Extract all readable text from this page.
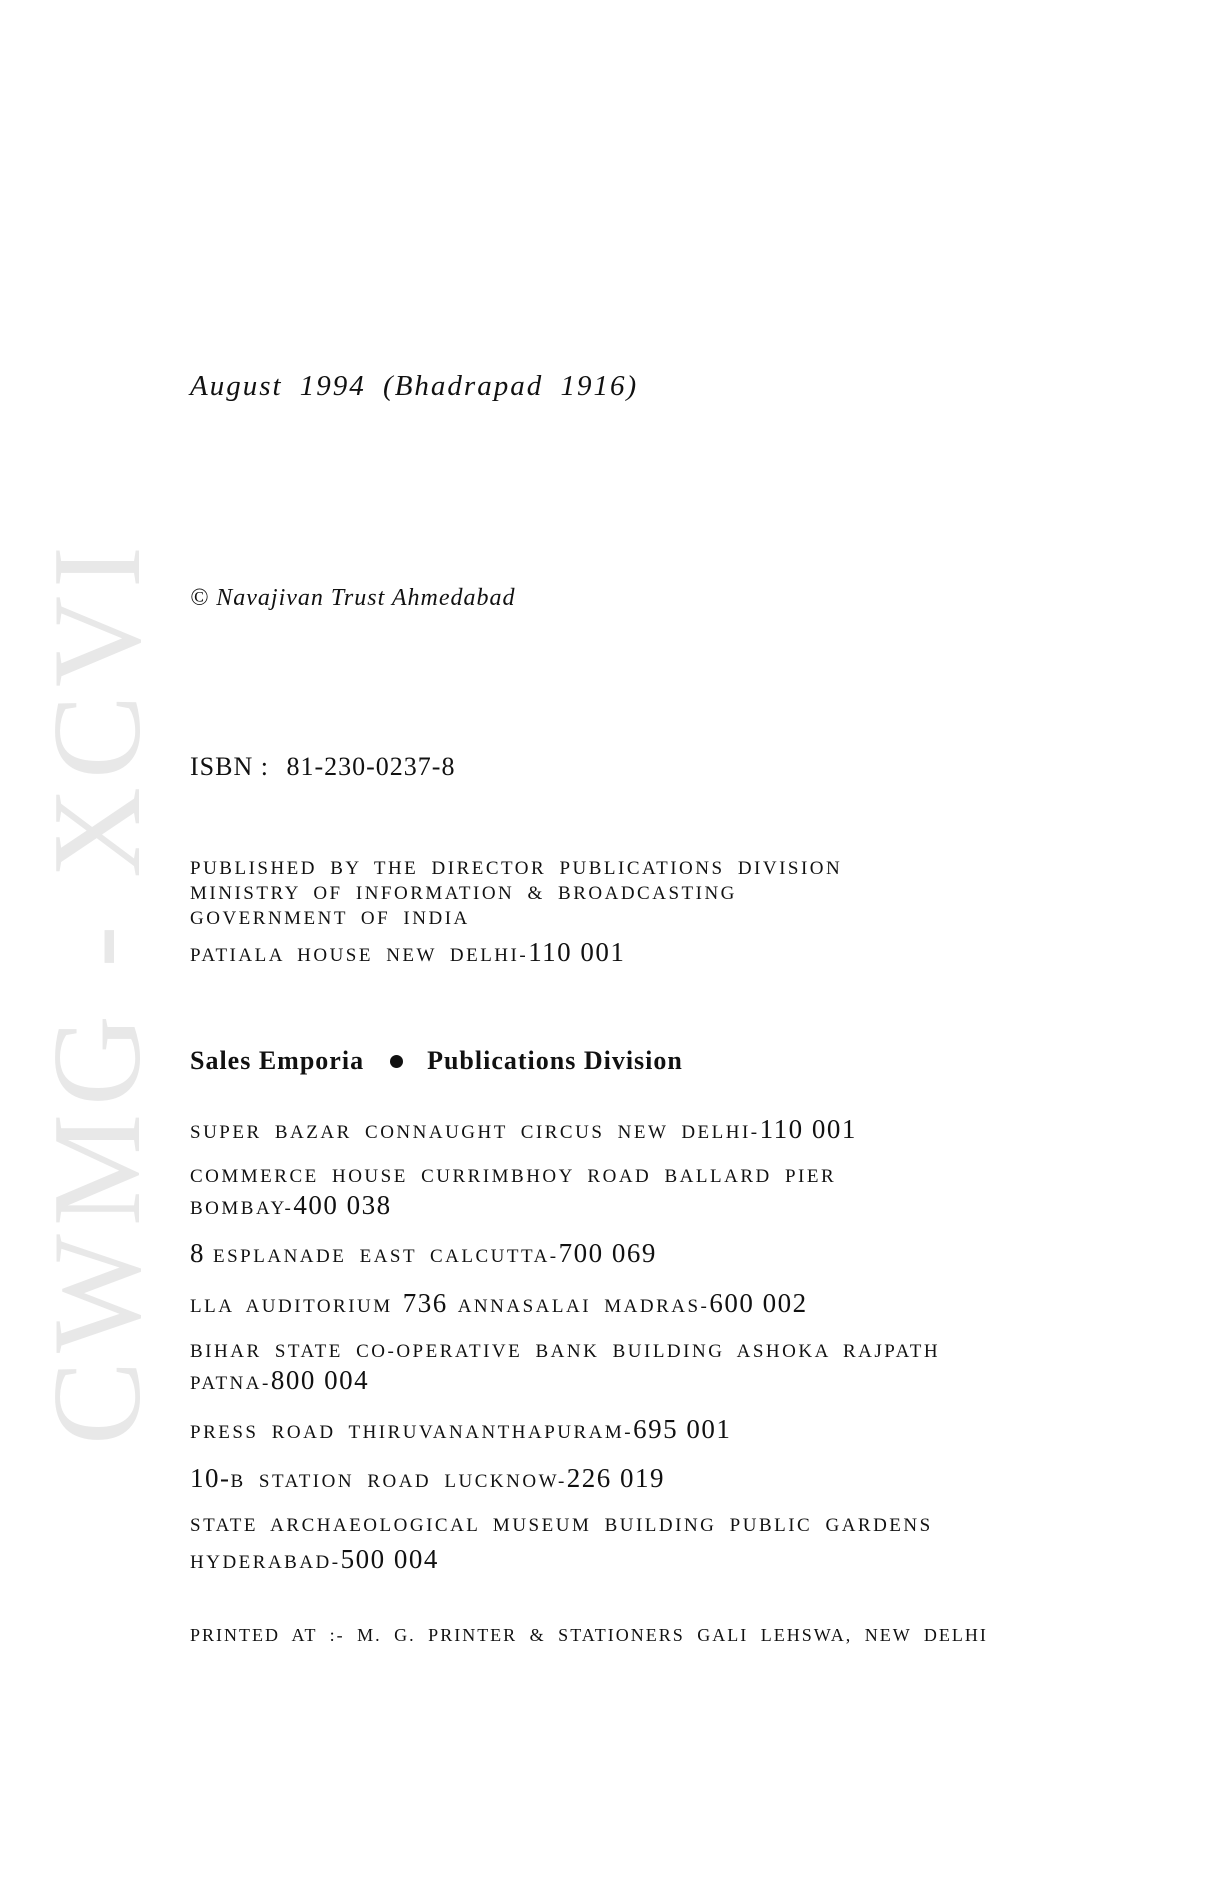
CWMG - XCVI
August 1994 (Bhadrapad 1916)
© Navajivan Trust Ahmedabad
ISBN : 81-230-0237-8
PUBLISHED BY THE DIRECTOR PUBLICATIONS DIVISION
MINISTRY OF INFORMATION & BROADCASTING
GOVERNMENT OF INDIA
PATIALA HOUSE NEW DELHI-110 001
Sales Emporia Publications Division
SUPER BAZAR CONNAUGHT CIRCUS NEW DELHI-110 001
COMMERCE HOUSE CURRIMBHOY ROAD BALLARD PIER
BOMBAY-400 038
8 ESPLANADE EAST CALCUTTA-700 069
LLA AUDITORIUM 736 ANNASALAI MADRAS-600 002
BIHAR STATE CO-OPERATIVE BANK BUILDING ASHOKA RAJPATH
PATNA-800 004
PRESS ROAD THIRUVANANTHAPURAM-695 001
10-B STATION ROAD LUCKNOW-226 019
STATE ARCHAEOLOGICAL MUSEUM BUILDING PUBLIC GARDENS
HYDERABAD-500 004
PRINTED AT :- M. G. PRINTER & STATIONERS GALI LEHSWA, NEW DELHI
